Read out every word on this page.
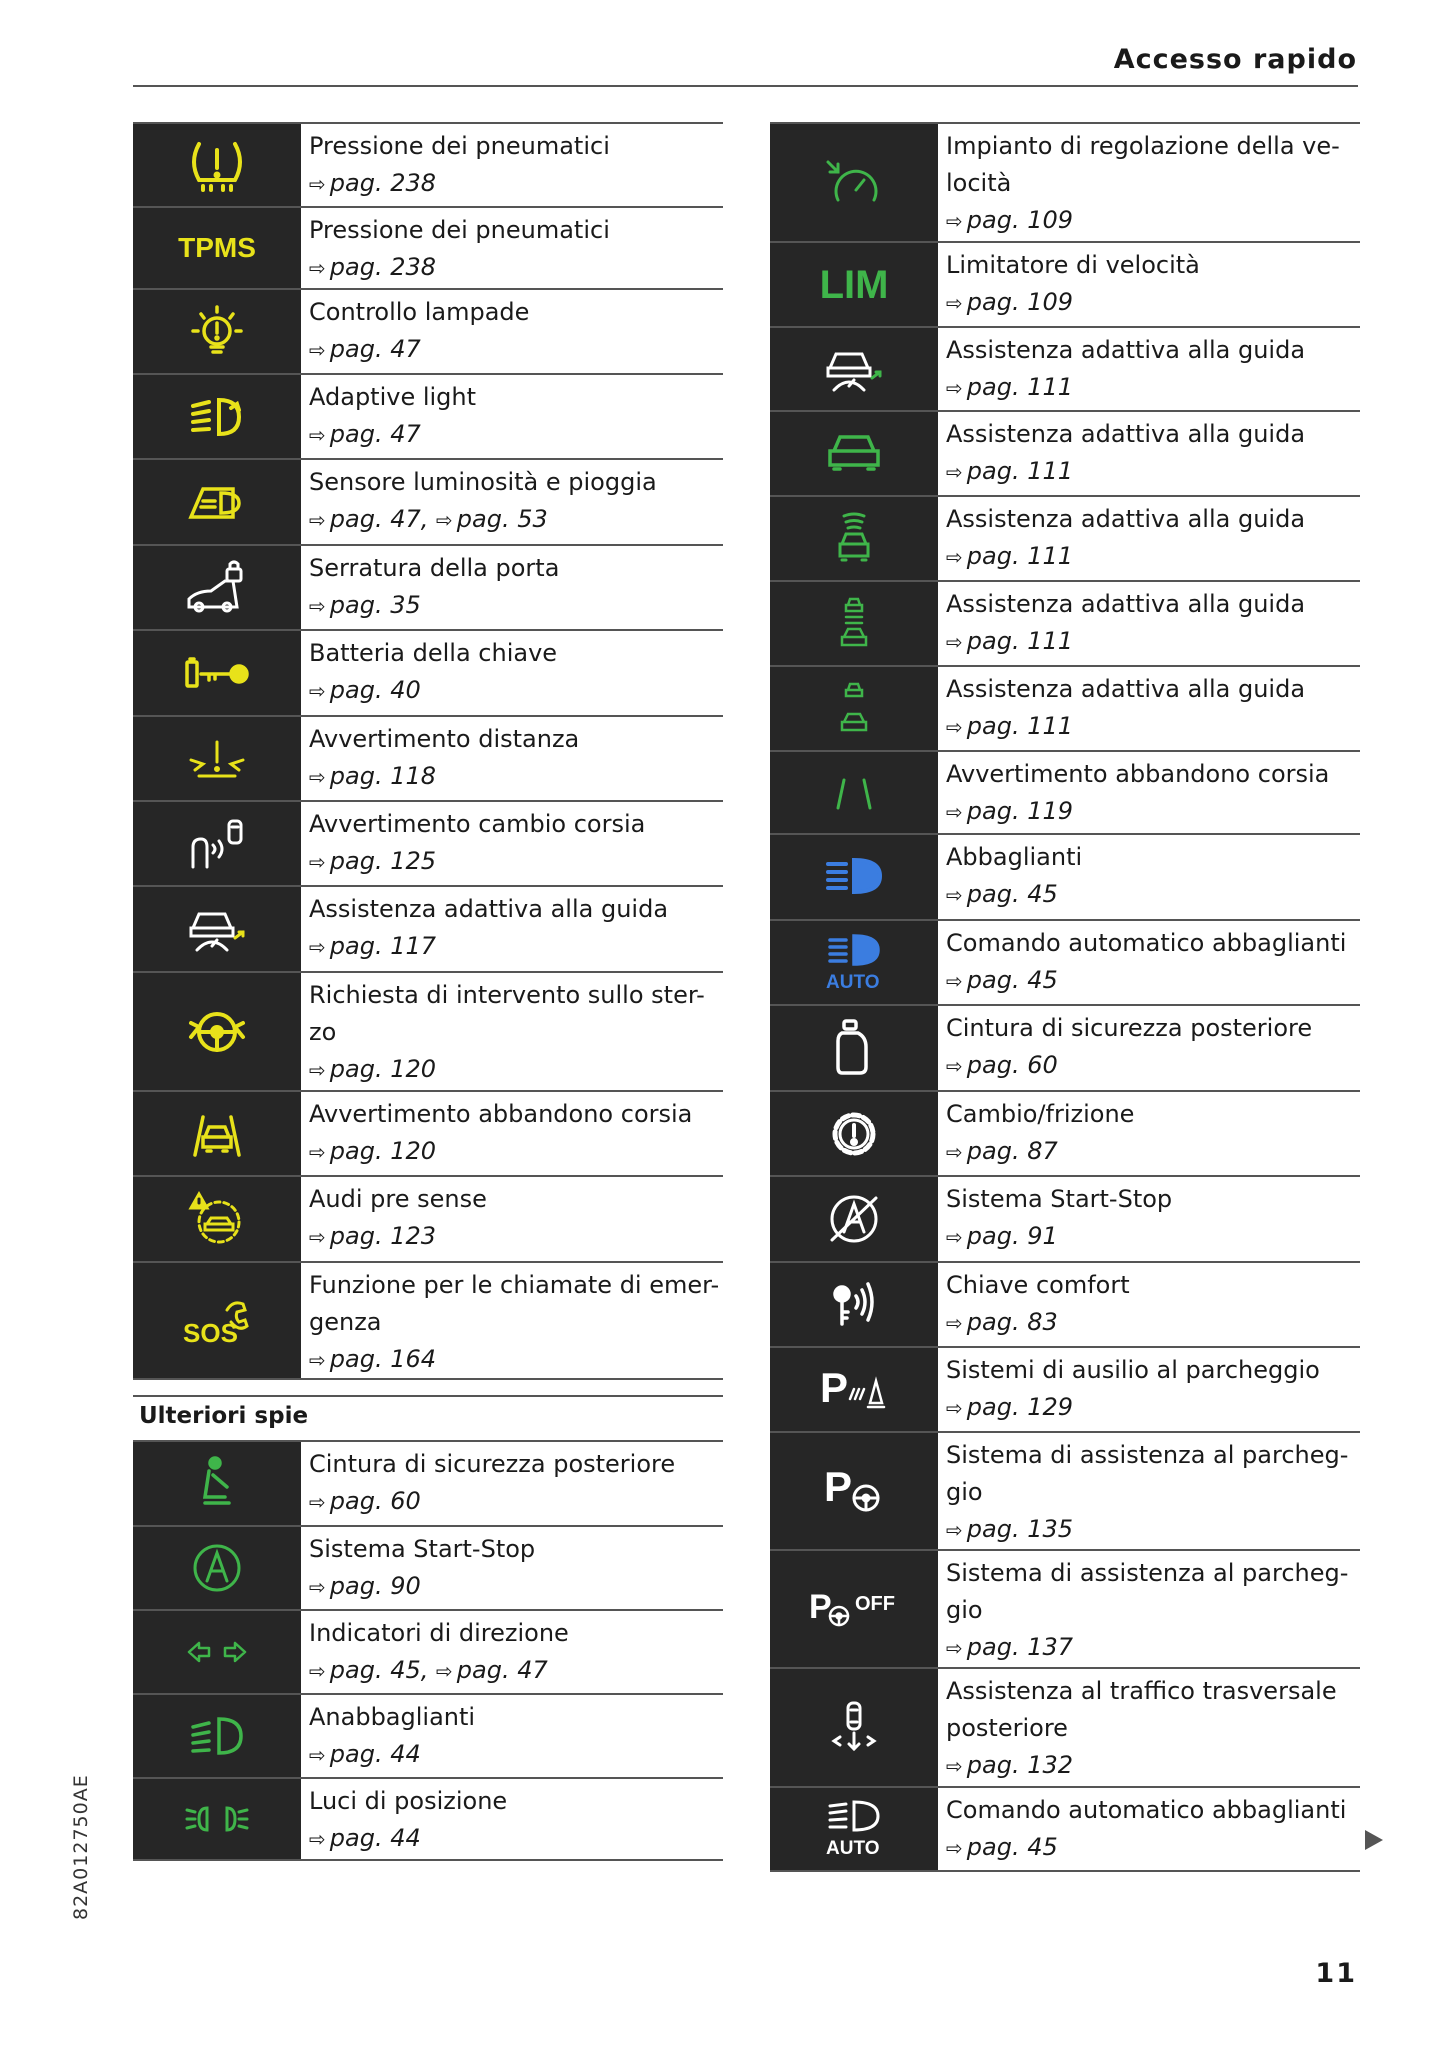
Accesso rapido
Pressione dei pneumatici
⇨ pag. 238
TPMS
Pressione dei pneumatici
⇨ pag. 238
Controllo lampade
⇨ pag. 47
Adaptive light
⇨ pag. 47
Sensore luminosità e pioggia
⇨ pag. 47, ⇨ pag. 53
Serratura della porta
⇨ pag. 35
Batteria della chiave
⇨ pag. 40
Avvertimento distanza
⇨ pag. 118
Avvertimento cambio corsia
⇨ pag. 125
Assistenza adattiva alla guida
⇨ pag. 117
Richiesta di intervento sullo ster-
zo
⇨ pag. 120
Avvertimento abbandono corsia
⇨ pag. 120
Audi pre sense
⇨ pag. 123
SOS
Funzione per le chiamate di emer-
genza
⇨ pag. 164
Ulteriori spie
Cintura di sicurezza posteriore
⇨ pag. 60
Sistema Start-Stop
⇨ pag. 90
Indicatori di direzione
⇨ pag. 45, ⇨ pag. 47
Anabbaglianti
⇨ pag. 44
Luci di posizione
⇨ pag. 44
Impianto di regolazione della ve-
locità
⇨ pag. 109
LIM Limitatore di velocità
⇨ pag. 109
Assistenza adattiva alla guida
⇨ pag. 111
Assistenza adattiva alla guida
⇨ pag. 111
Assistenza adattiva alla guida
⇨ pag. 111
Assistenza adattiva alla guida
⇨ pag. 111
Assistenza adattiva alla guida
⇨ pag. 111
Avvertimento abbandono corsia
⇨ pag. 119
Abbaglianti
⇨ pag. 45
AUTO
Comando automatico abbaglianti
⇨ pag. 45
Cintura di sicurezza posteriore
⇨ pag. 60
Cambio/frizione
⇨ pag. 87
Sistema Start-Stop
⇨ pag. 91
Chiave comfort
⇨ pag. 83
P	Sistemi di ausilio al parcheggio
⇨ pag. 129
P
Sistema di assistenza al parcheg-
gio
⇨ pag. 135
P OFF
Sistema di assistenza al parcheg-
gio
⇨ pag. 137
Assistenza al traffico trasversale
posteriore
⇨ pag. 132
AUTO
Comando automatico abbaglianti
⇨ pag. 45
82A012750AE
11
